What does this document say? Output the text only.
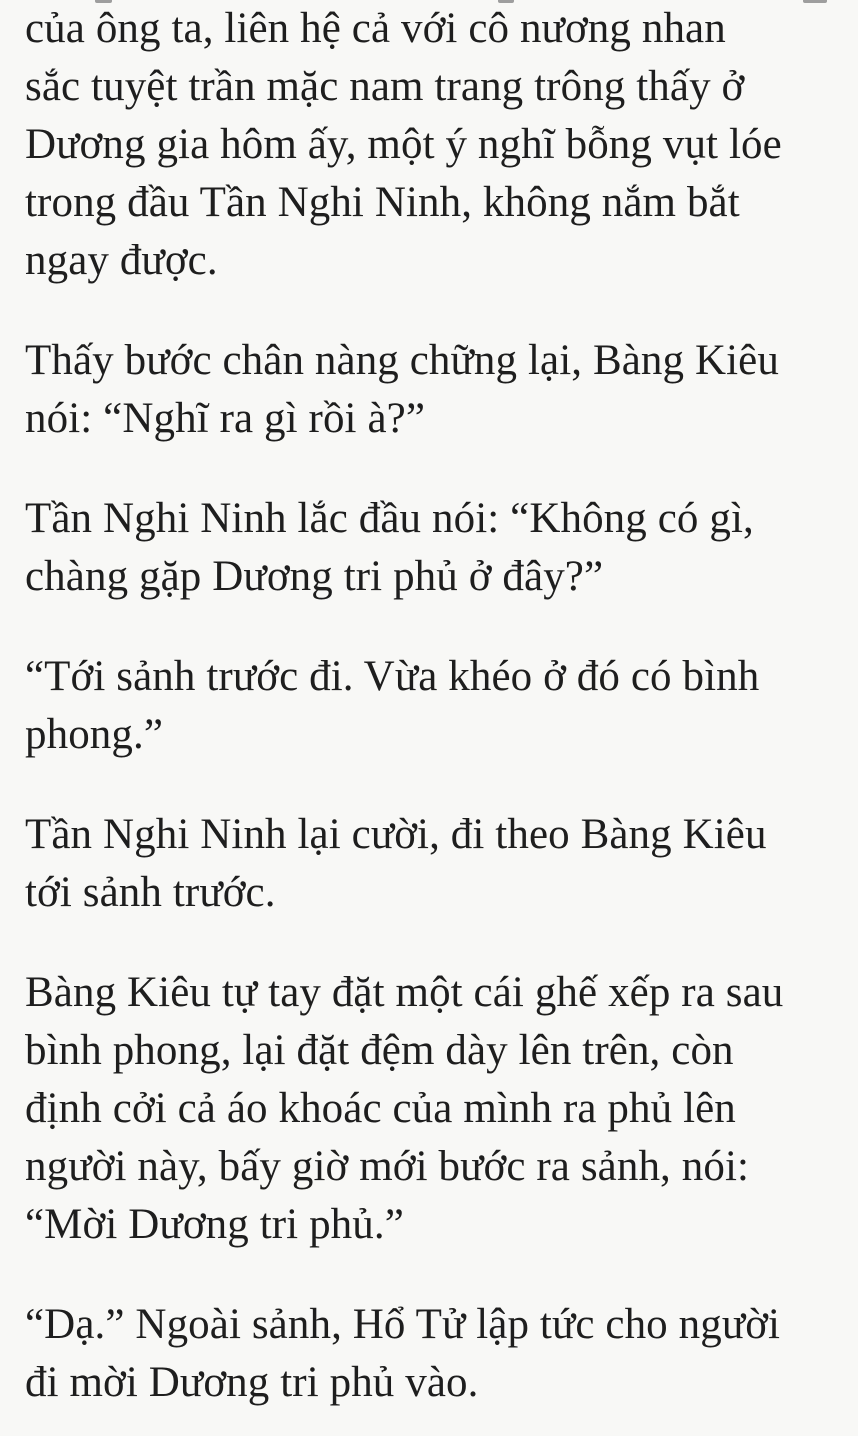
của ông ta, liên hệ cả với cô nương nhan
sắc tuyệt trần mặc nam trang trông thấy ở
Dương gia hôm ấy, một ý nghĩ bỗng vụt lóe
trong đầu Tần Nghi Ninh, không nắm bắt
ngay được.

Thấy bước chân nàng chững lại, Bàng Kiêu
nói: “Nghĩ ra gì rồi à?”

Tần Nghi Ninh lắc đầu nói: “Không có gì,
chàng gặp Dương tri phủ ở đây?”

“Tới sảnh trước đi. Vừa khéo ở đó có bình
phong.”

Tần Nghi Ninh lại cười, đi theo Bàng Kiêu
tới sảnh trước.

Bàng Kiêu tự tay đặt một cái ghế xếp ra sau
bình phong, lại đặt đệm dày lên trên, còn
định cởi cả áo khoác của mình ra phủ lên
người này, bấy giờ mới bước ra sảnh, nói:
“Mời Dương tri phủ.”

“Dạ.” Ngoài sảnh, Hổ Tử lập tức cho người
đi mời Dương tri phủ vào.
